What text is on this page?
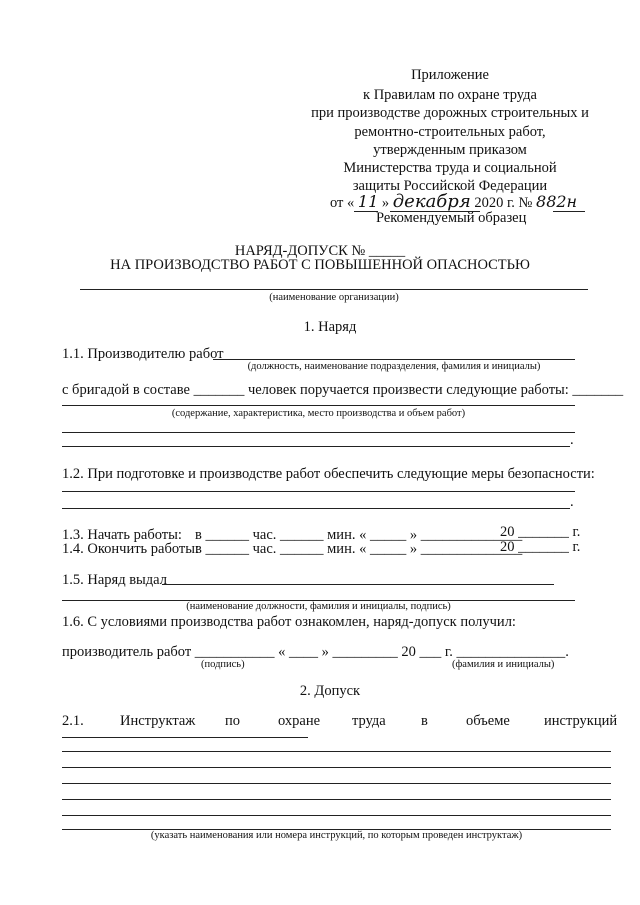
Приложение
к Правилам по охране труда
при производстве дорожных строительных и
ремонтно-строительных работ,
утвержденным приказом
Министерства труда и социальной
защиты Российской Федерации
от « 11 » декабря 2020 г. № 882н
Рекомендуемый образец
НАРЯД-ДОПУСК № _____
НА ПРОИЗВОДСТВО РАБОТ С ПОВЫШЕННОЙ ОПАСНОСТЬЮ
(наименование организации)
1. Наряд
1.1. Производителю работ
(должность, наименование подразделения, фамилия и инициалы)
с бригадой в составе _______ человек поручается произвести следующие работы: _______
(содержание, характеристика, место производства и объем работ)
.
1.2. При подготовке и производстве работ обеспечить следующие меры безопасности:
.
1.3. Начать работы: в ______ час. ______ мин. « _____ » ______________
20 _______ г.
1.4. Окончить работы:
в ______ час. ______ мин. « _____ » ______________
20 _______ г.
1.5. Наряд выдал
(наименование должности, фамилия и инициалы, подпись)
1.6. С условиями производства работ ознакомлен, наряд-допуск получил:
производитель работ ___________ « ____ » _________ 20 ___ г. _______________.
(подпись)	(фамилия и инициалы)
2. Допуск
2.1.	Инструктаж по	охране труда в	объеме инструкций
(указать наименования или номера инструкций, по которым проведен инструктаж)
